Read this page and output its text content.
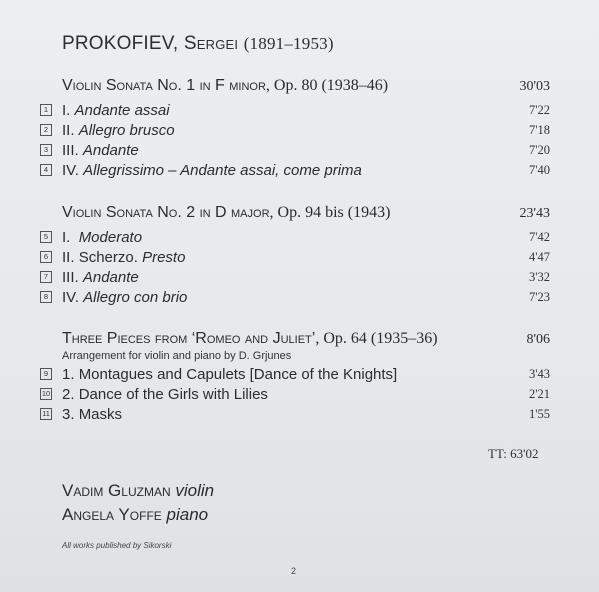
PROKOFIEV, Sergei (1891–1953)
Violin Sonata No. 1 in F minor, Op. 80 (1938–46)	30'03
1 I. Andante assai	7'22
2 II. Allegro brusco	7'18
3 III. Andante	7'20
4 IV. Allegrissimo – Andante assai, come prima	7'40
Violin Sonata No. 2 in D major, Op. 94 bis (1943)	23'43
5 I. Moderato	7'42
6 II. Scherzo. Presto	4'47
7 III. Andante	3'32
8 IV. Allegro con brio	7'23
Three Pieces from ‘Romeo and Juliet’, Op. 64 (1935–36)	8'06
Arrangement for violin and piano by D. Grjunes
9 1. Montagues and Capulets [Dance of the Knights]	3'43
10 2. Dance of the Girls with Lilies	2'21
11 3. Masks	1'55
TT: 63'02
Vadim Gluzman violin
Angela Yoffe piano
All works published by Sikorski
2
